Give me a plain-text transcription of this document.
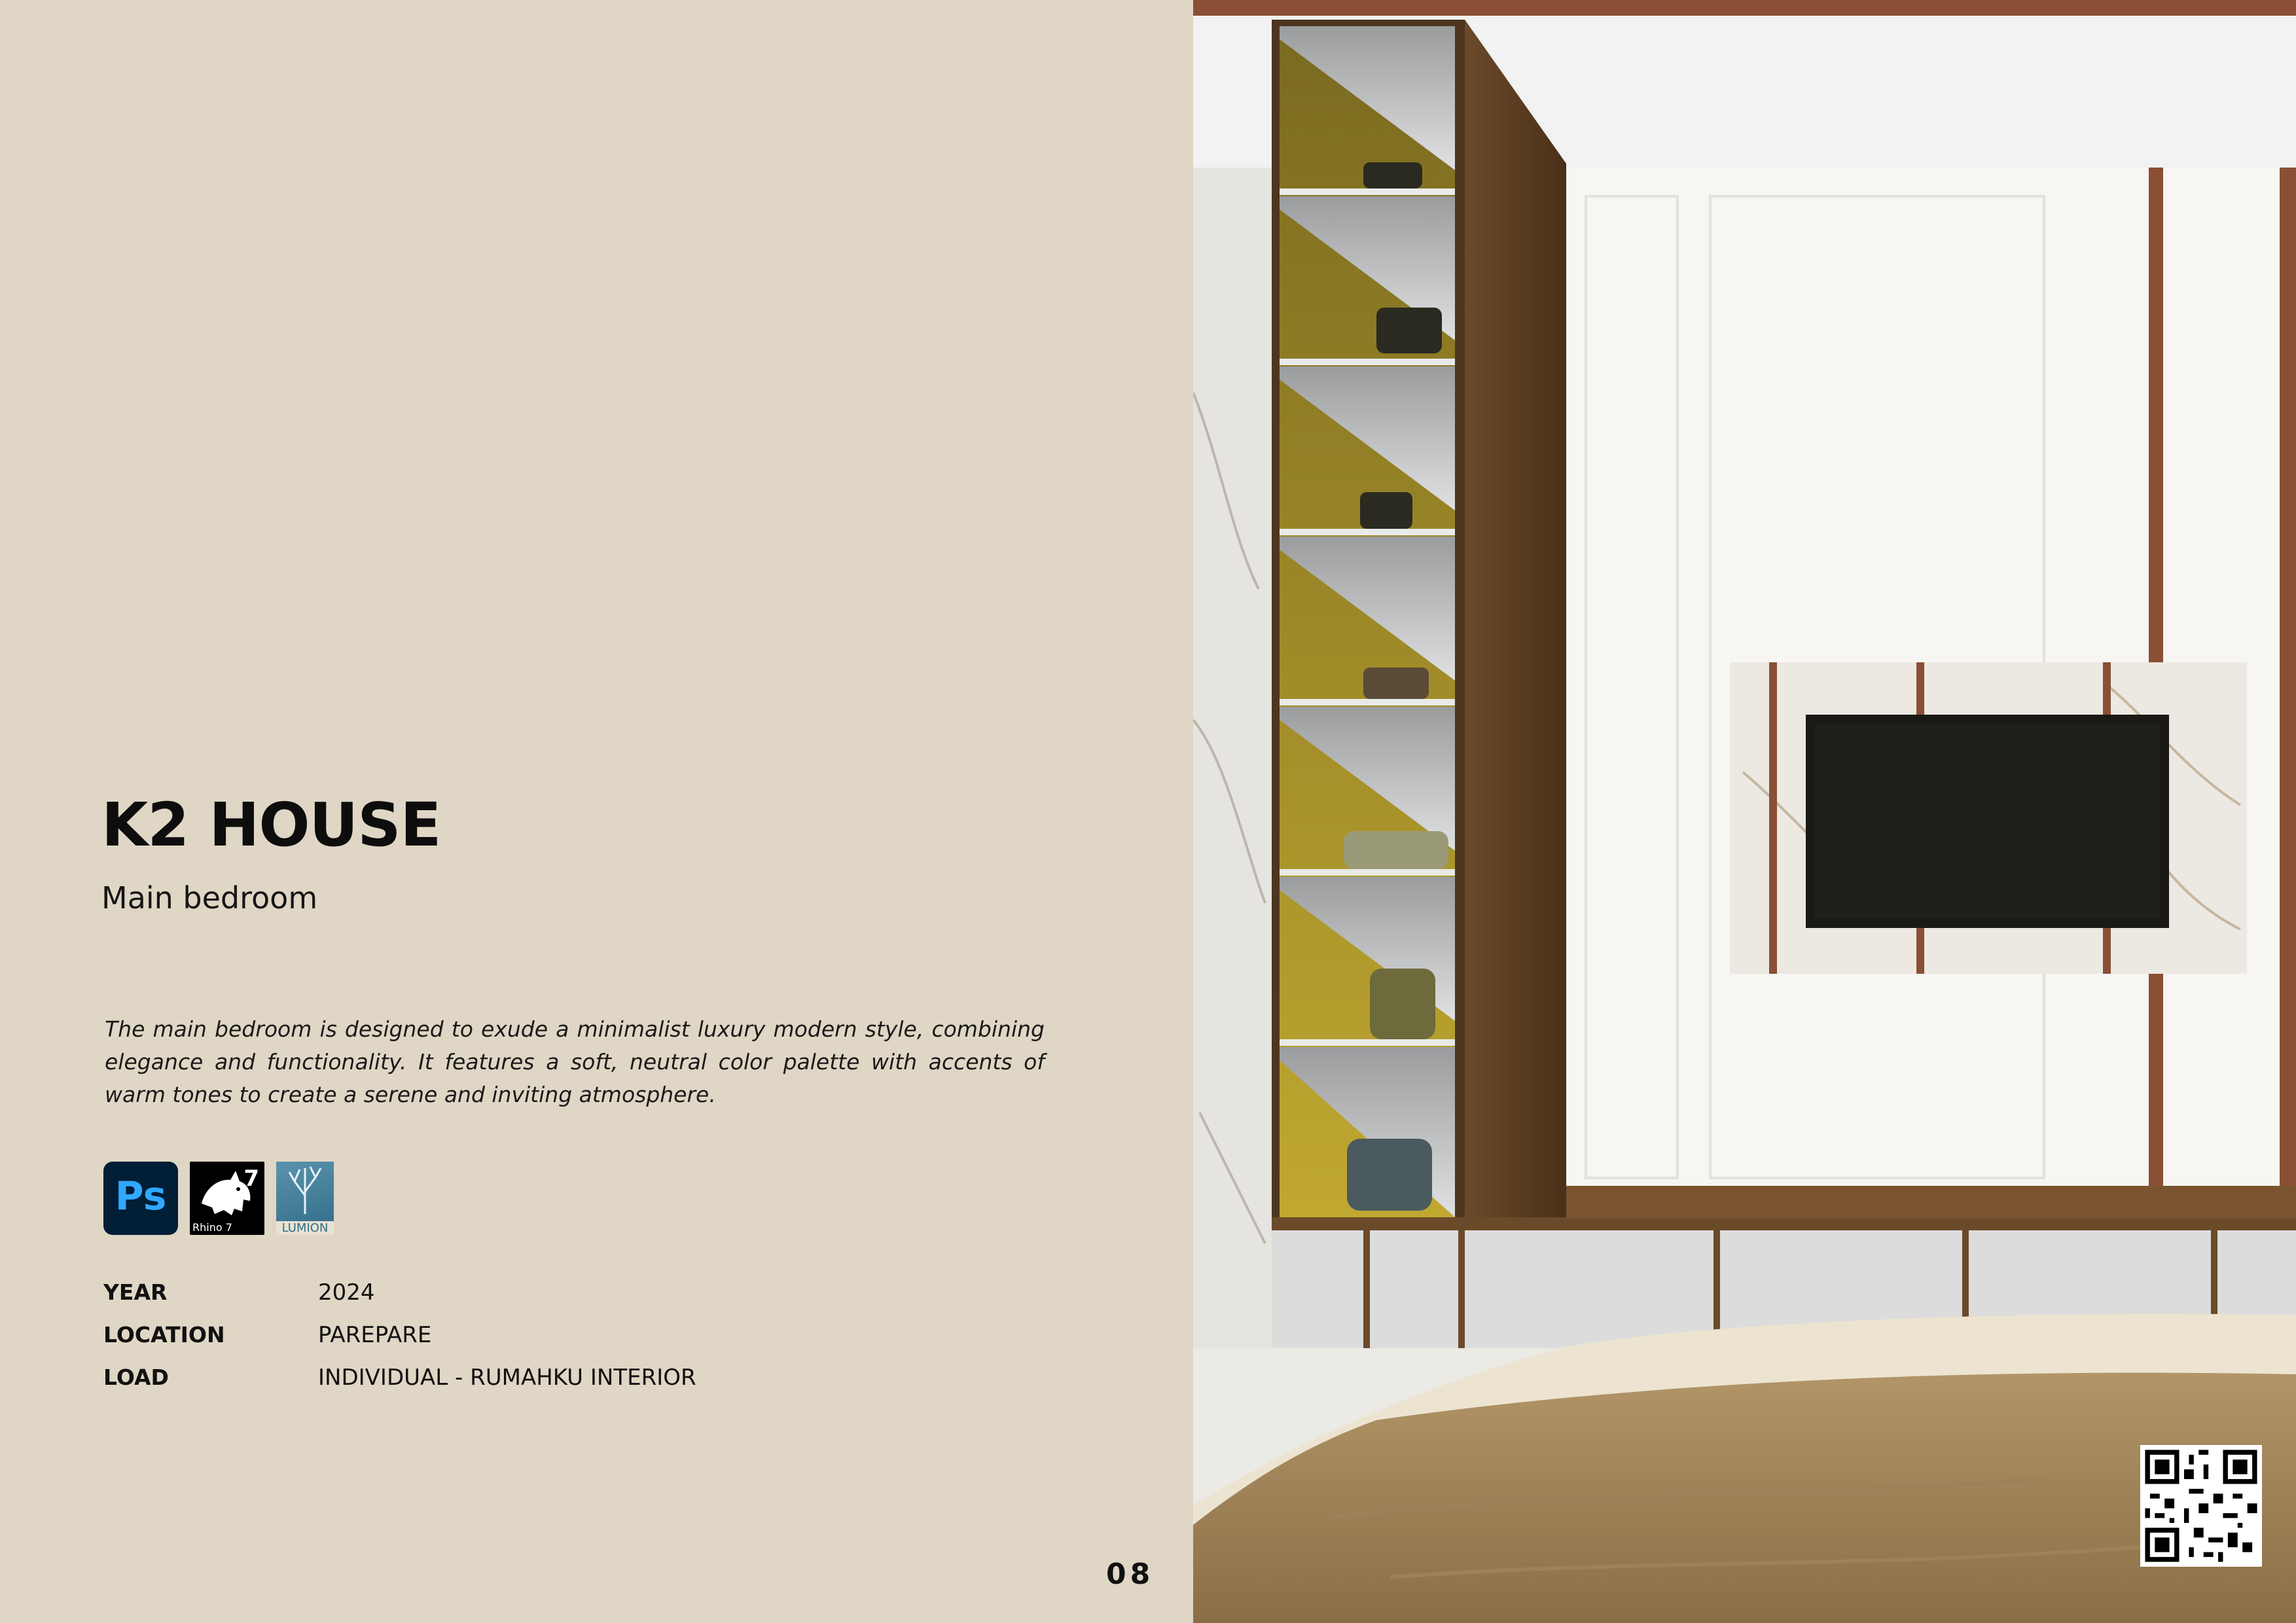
K2 HOUSE

Main bedroom

The main bedroom is designed to exude a minimalist luxury modern style, combining elegance and functionality. It features a soft, neutral color palette with accents of warm tones to create a serene and inviting atmosphere.

Ps	7
Rhino 7	LUMION
YEAR	2024
LOCATION	PAREPARE
LOAD	INDIVIDUAL - RUMAHKU INTERIOR
08
